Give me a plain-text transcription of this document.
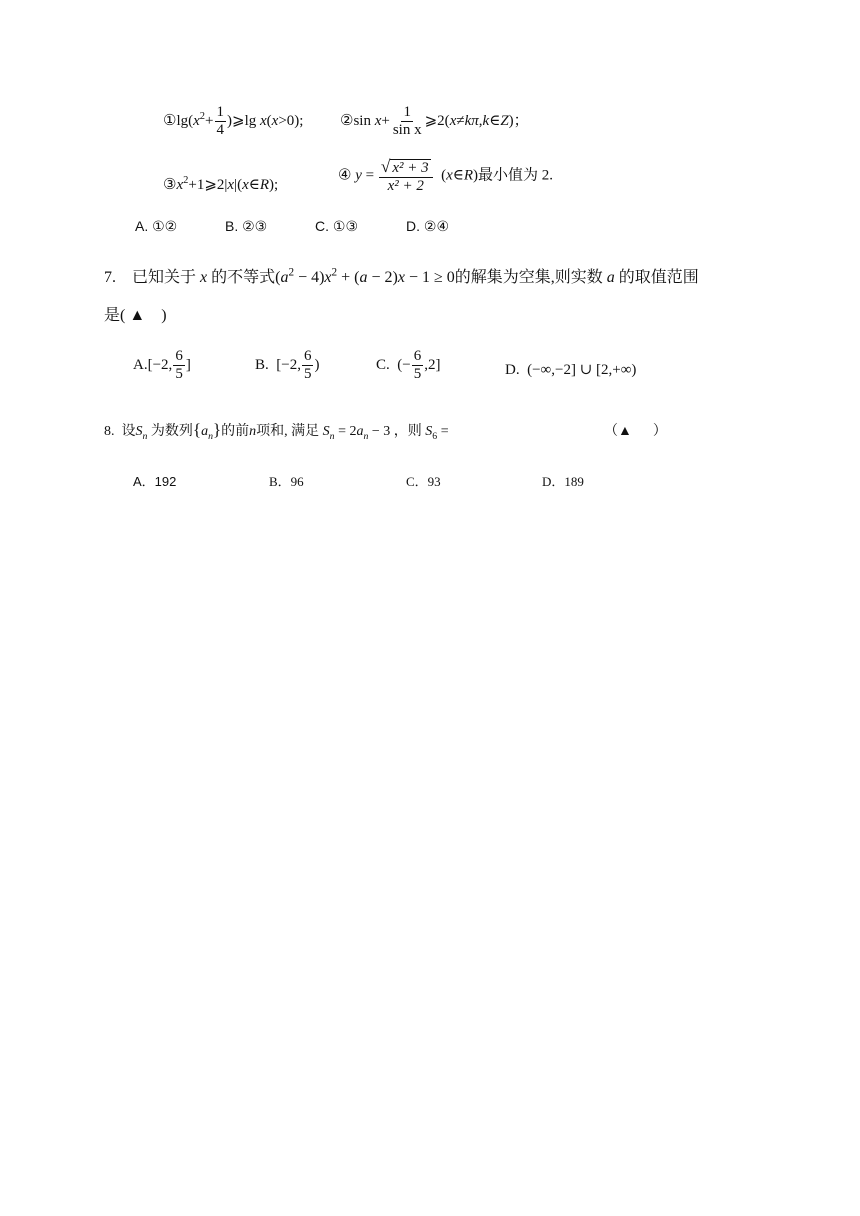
$①\lg(x^2+ \frac{1}{4}$ )⩾lg x(x>0); ②sin $x+ \frac{1}{\text{sin x}}$ ⩾2(x≠kπ,k∈Z)；
$③x^2+1⩾2|x|(x\in R)$;
④ $y = \frac{\text{√ x² + 3}}{\text{x² + 2}}$ (x∈R)最小值为 2.
A. ①②	B. ②③	C. ①③	D. ②④
7. 已知关于 x 的不等式$(a^2 - 4)x^2 + (a - 2)x - 1 \ge 0$的解集为空集,则实数 a 的取值范围
是( ▲ )
A.[−2, $\frac{6}{5}$ ]	B.  [−2, $\frac{6}{5}$ )	C.  (− $\frac{6}{5} ,2$]	D. (−∞,−2] ∪ [2,+∞)
8. 设$S_n$ 为数列$\{a_n\}$的前n项和, 满足 $S_n = 2a_n - 3$ ，则 $S_6$ =	（▲ ）
A．192	B．96	C．93	D．189
